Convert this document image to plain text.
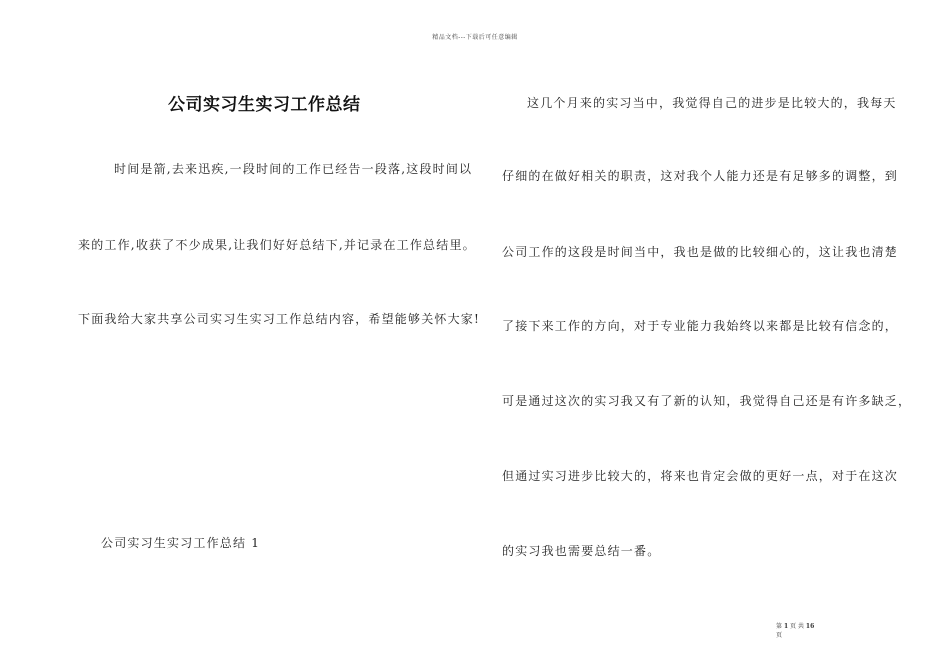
精品文档---下载后可任意编辑
公司实习生实习工作总结

时间是箭,去来迅疾,一段时间的工作已经告一段落,这段时间以

来的工作,收获了不少成果,让我们好好总结下,并记录在工作总结里。

下面我给大家共享公司实习生实习工作总结内容，希望能够关怀大家!

公司实习生实习工作总结 1

这几个月来的实习当中，我觉得自己的进步是比较大的，我每天

仔细的在做好相关的职责，这对我个人能力还是有足够多的调整，到

公司工作的这段是时间当中，我也是做的比较细心的，这让我也清楚

了接下来工作的方向，对于专业能力我始终以来都是比较有信念的，

可是通过这次的实习我又有了新的认知，我觉得自己还是有许多缺乏，

但通过实习进步比较大的，将来也肯定会做的更好一点，对于在这次

的实习我也需要总结一番。

第 1 页 共 16
页
